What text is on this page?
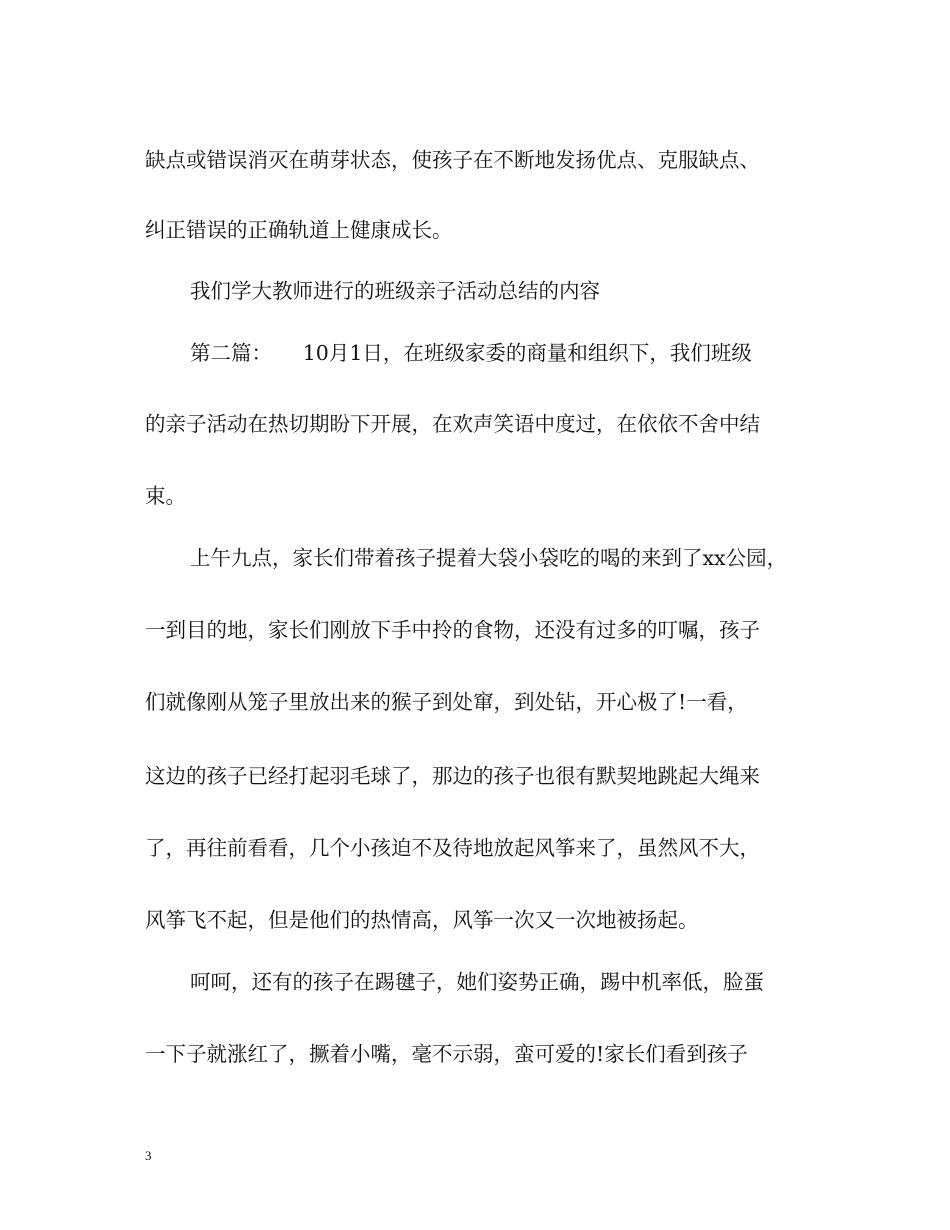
缺点或错误消灭在萌芽状态，使孩子在不断地发扬优点、克服缺点、

纠正错误的正确轨道上健康成长。

我们学大教师进行的班级亲子活动总结的内容

第二篇：　　10月1日，在班级家委的商量和组织下，我们班级

的亲子活动在热切期盼下开展，在欢声笑语中度过，在依依不舍中结

束。

上午九点，家长们带着孩子提着大袋小袋吃的喝的来到了xx公园，

一到目的地，家长们刚放下手中拎的食物，还没有过多的叮嘱，孩子

们就像刚从笼子里放出来的猴子到处窜，到处钻，开心极了!一看，

这边的孩子已经打起羽毛球了，那边的孩子也很有默契地跳起大绳来

了，再往前看看，几个小孩迫不及待地放起风筝来了，虽然风不大，

风筝飞不起，但是他们的热情高，风筝一次又一次地被扬起。

呵呵，还有的孩子在踢毽子，她们姿势正确，踢中机率低，脸蛋

一下子就涨红了，撅着小嘴，毫不示弱，蛮可爱的!家长们看到孩子

3
